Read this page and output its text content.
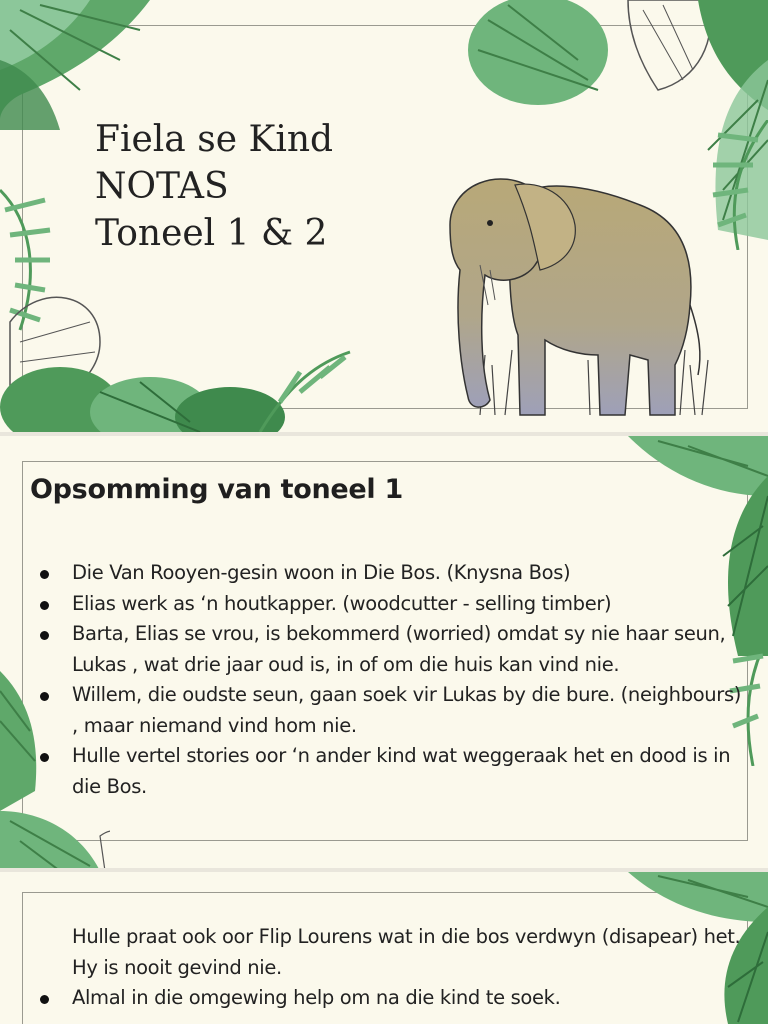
Fiela se Kind
NOTAS
Toneel 1 & 2
Opsomming van toneel 1
Die Van Rooyen-gesin woon in Die Bos. (Knysna Bos)
Elias werk as ‘n houtkapper. (woodcutter - selling timber)
Barta, Elias se vrou, is bekommerd (worried) omdat sy nie haar seun, Lukas , wat drie jaar oud is, in of om die huis kan vind nie.
Willem, die oudste seun, gaan soek vir Lukas by die bure. (neighbours) , maar niemand vind hom nie.
Hulle vertel stories oor ‘n ander kind wat weggeraak het en dood is in die Bos.
Hulle praat ook oor Flip Lourens wat in die bos verdwyn (disapear) het. Hy is nooit gevind nie.
Almal in die omgewing help om na die kind te soek.
